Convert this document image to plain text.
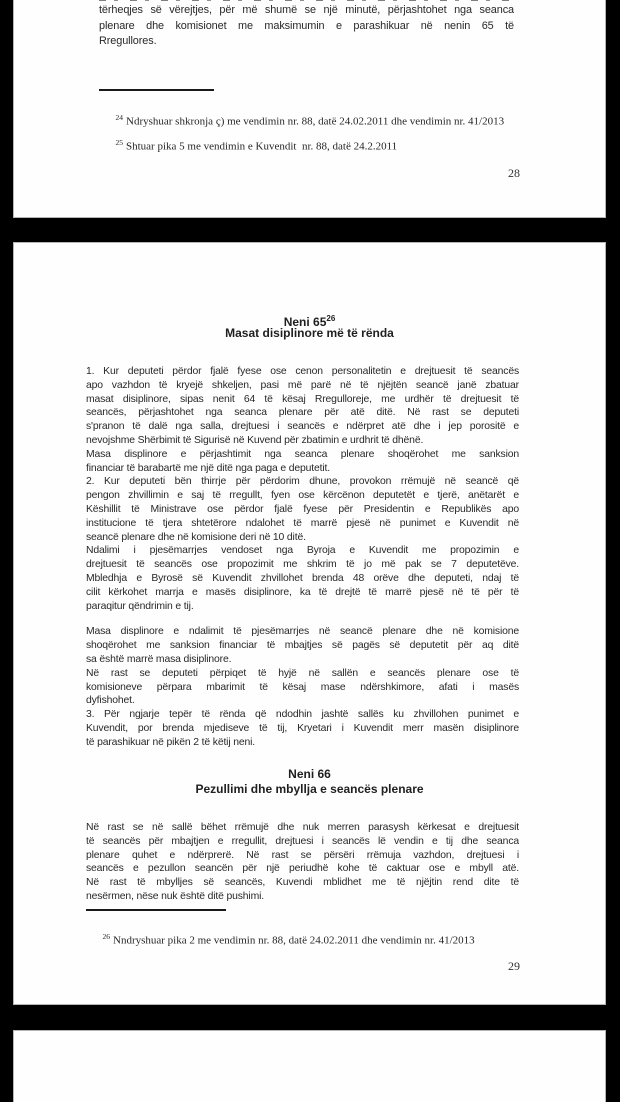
tërheqjes së vërejtjes, për më shumë se një minutë, përjashtohet nga seanca
plenare dhe komisionet me maksimumin e parashikuar në nenin 65 të
Rregullores.

$^{24}$ Ndryshuar shkronja ç) me vendimin nr. 88, datë 24.02.2011 dhe vendimin nr. 41/2013

$^{25}$ Shtuar pika 5 me vendimin e Kuvendit  nr. 88, datë 24.2.2011

28
Neni $65^{26}$
Masat disiplinore më të rënda
1. Kur deputeti përdor fjalë fyese ose cenon personalitetin e drejtuesit të seancës
apo vazhdon të kryejë shkeljen, pasi më parë në të njëjtën seancë janë zbatuar
masat disiplinore, sipas nenit 64 të kësaj Rregulloreje, me urdhër të drejtuesit të
seancës, përjashtohet nga seanca plenare për atë ditë. Në rast se deputeti
s'pranon të dalë nga salla, drejtuesi i seancës e ndërpret atë dhe i jep porositë e
nevojshme Shërbimit të Sigurisë në Kuvend për zbatimin e urdhrit të dhënë.
Masa displinore e përjashtimit nga seanca plenare shoqërohet me sanksion
financiar të barabartë me një ditë nga paga e deputetit.
2. Kur deputeti bën thirrje për përdorim dhune, provokon rrëmujë në seancë që
pengon zhvillimin e saj të rregullt, fyen ose kërcënon deputetët e tjerë, anëtarët e
Këshillit të Ministrave ose përdor fjalë fyese për Presidentin e Republikës apo
institucione të tjera shtetërore ndalohet të marrë pjesë në punimet e Kuvendit në
seancë plenare dhe në komisione deri në 10 ditë.
Ndalimi i pjesëmarrjes vendoset nga Byroja e Kuvendit me propozimin e
drejtuesit të seancës ose propozimit me shkrim të jo më pak se 7 deputetëve.
Mbledhja e Byrosë së Kuvendit zhvillohet brenda 48 orëve dhe deputeti, ndaj të
cilit kërkohet marrja e masës disiplinore, ka të drejtë të marrë pjesë në të për të
paraqitur qëndrimin e tij.
Masa displinore e ndalimit të pjesëmarrjes në seancë plenare dhe në komisione
shoqërohet me sanksion financiar të mbajtjes së pagës së deputetit për aq ditë
sa është marrë masa disiplinore.
Në rast se deputeti përpiqet të hyjë në sallën e seancës plenare ose të
komisioneve përpara mbarimit të kësaj mase ndërshkimore, afati i masës
dyfishohet.
3. Për ngjarje tepër të rënda që ndodhin jashtë sallës ku zhvillohen punimet e
Kuvendit, por brenda mjediseve të tij, Kryetari i Kuvendit merr masën disiplinore
të parashikuar në pikën 2 të këtij neni.
Neni 66
Pezullimi dhe mbyllja e seancës plenare
Në rast se në sallë bëhet rrëmujë dhe nuk merren parasysh kërkesat e drejtuesit
të seancës për mbajtjen e rregullit, drejtuesi i seancës lë vendin e tij dhe seanca
plenare quhet e ndërprerë. Në rast se përsëri rrëmuja vazhdon, drejtuesi i
seancës e pezullon seancën për një periudhë kohe të caktuar ose e mbyll atë.
Në rast të mbylljes së seancës, Kuvendi mblidhet me të njëjtin rend dite të
nesërmen, nëse nuk është ditë pushimi.

$^{26}$ Nndryshuar pika 2 me vendimin nr. 88, datë 24.02.2011 dhe vendimin nr. 41/2013

29
